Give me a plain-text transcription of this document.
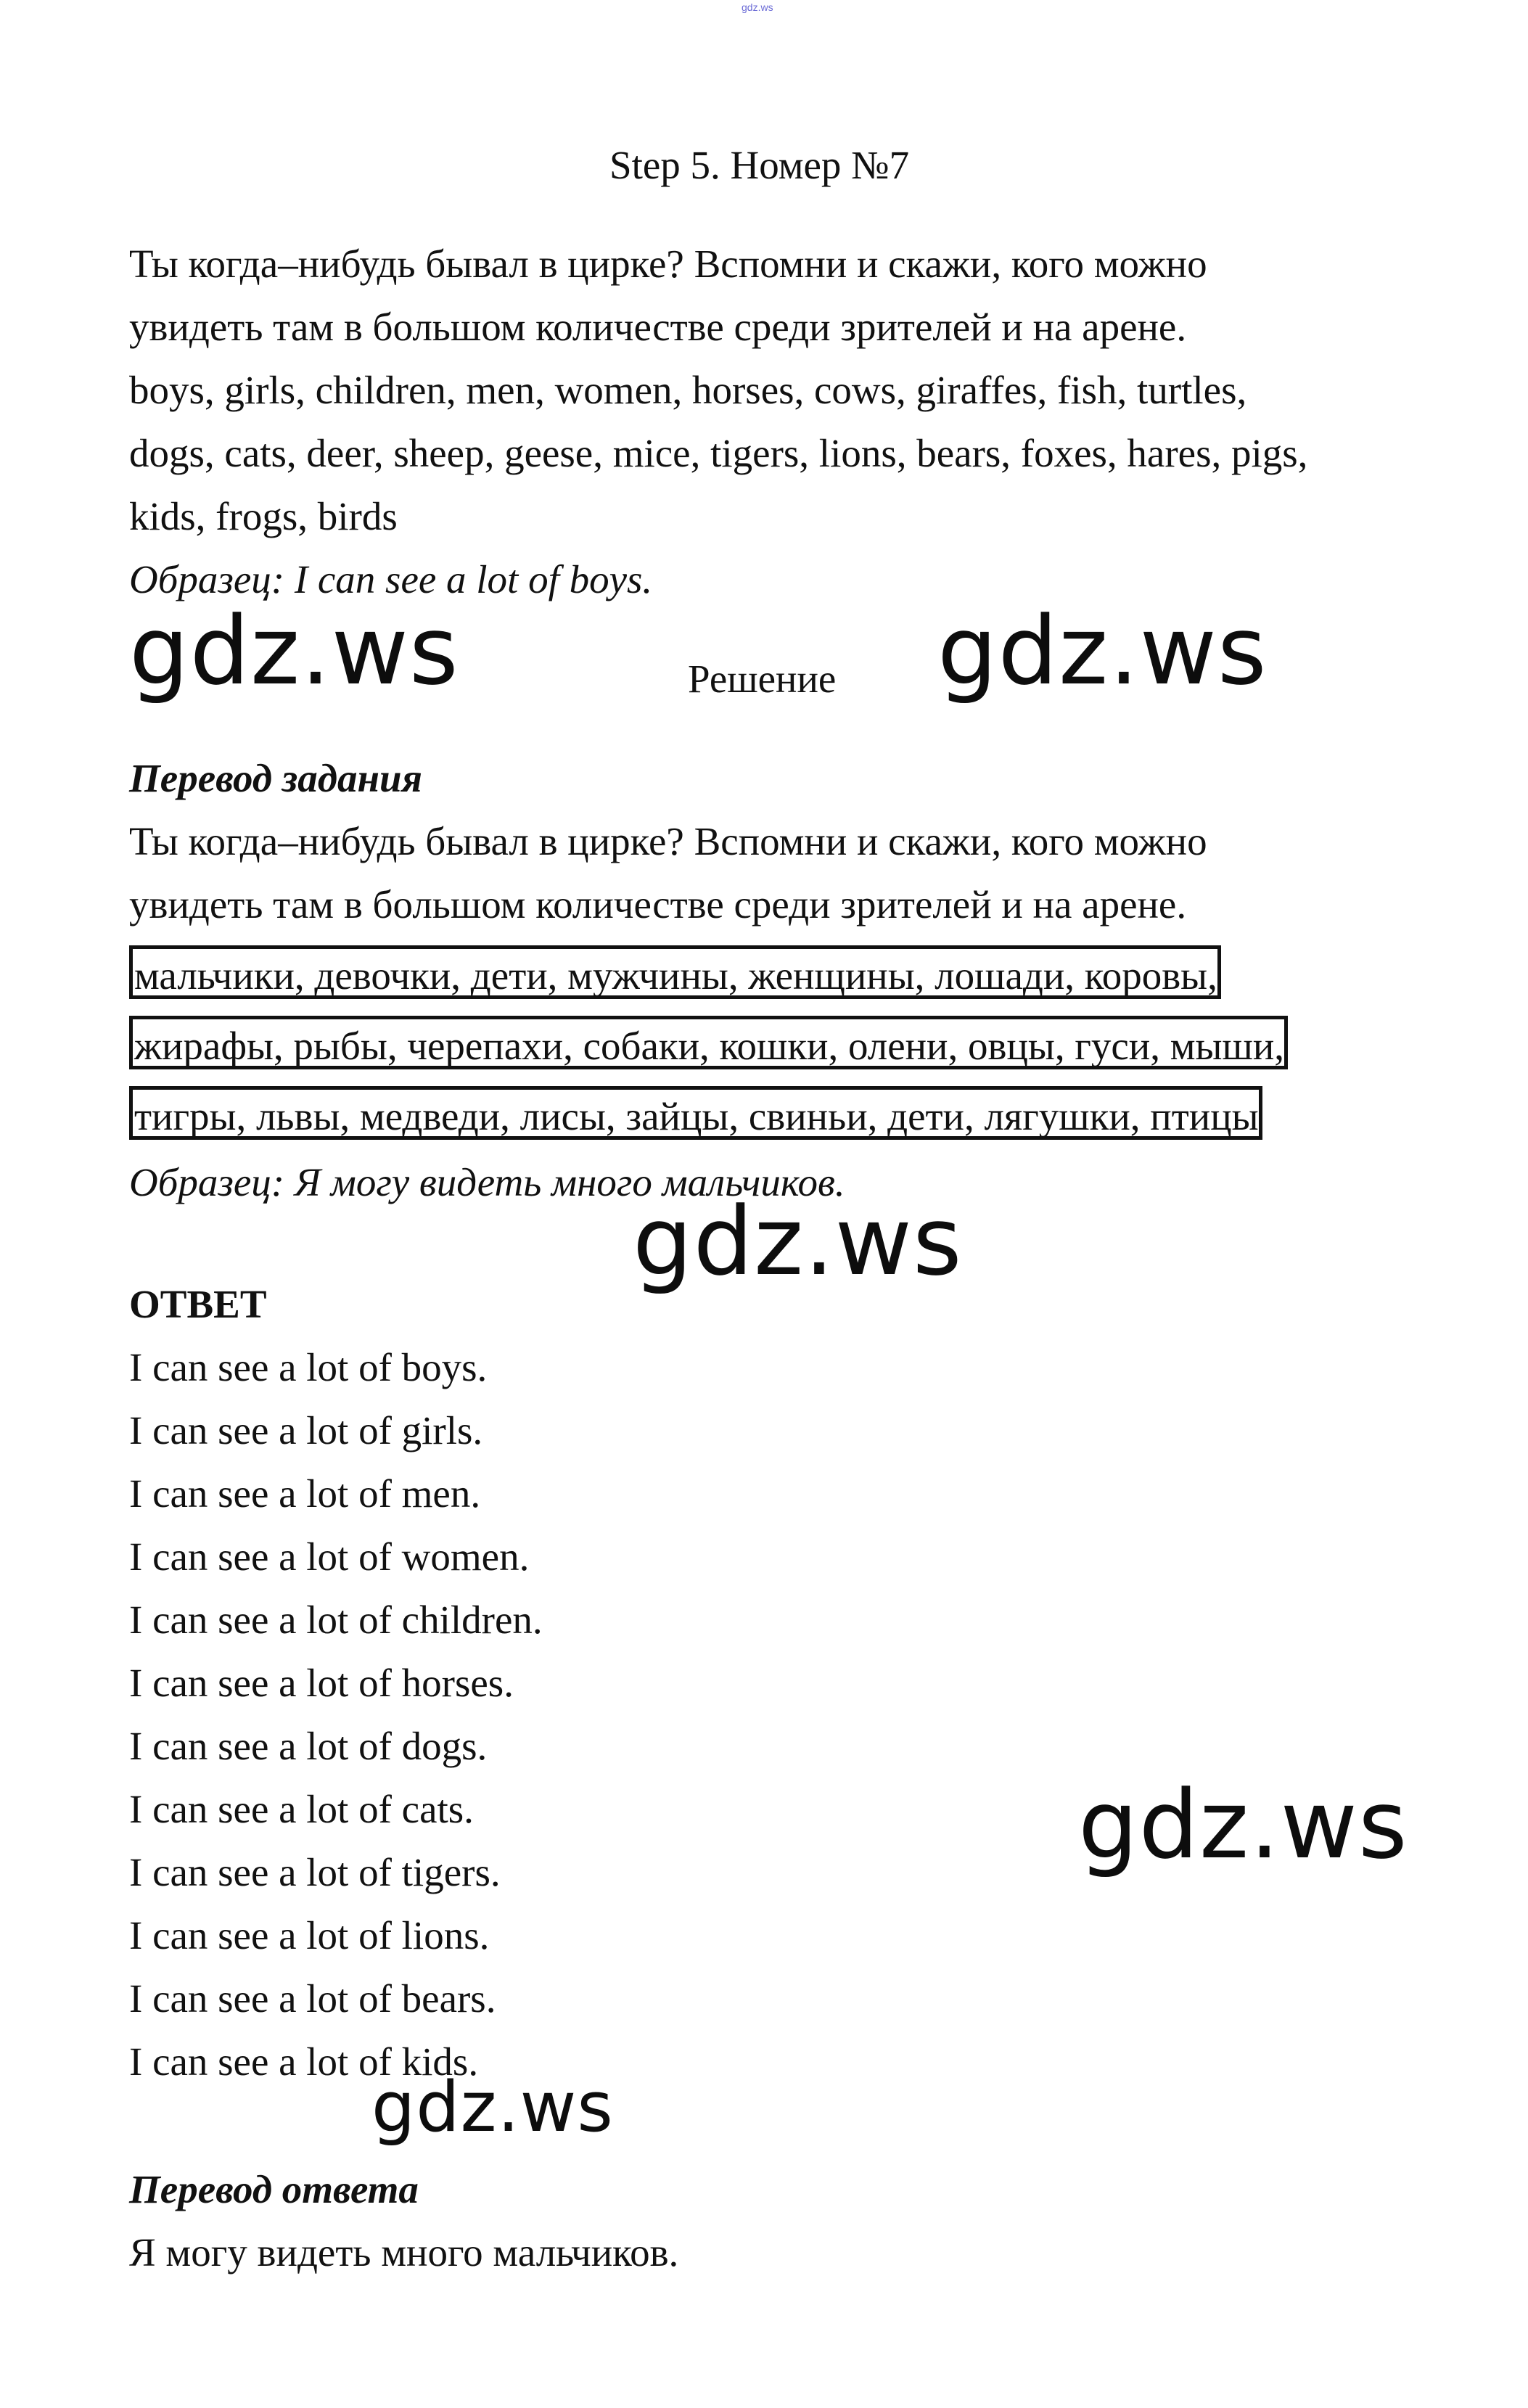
gdz.ws
Step 5. Номер №7
Ты когда–нибудь бывал в цирке? Вспомни и скажи, кого можно
увидеть там в большом количестве среди зрителей и на арене.
boys, girls, children, men, women, horses, cows, giraffes, fish, turtles,
dogs, cats, deer, sheep, geese, mice, tigers, lions, bears, foxes, hares, pigs,
kids, frogs, birds
Образец: I can see a lot of boys.
gdz.ws	Решение gdz.ws
Перевод задания
Ты когда–нибудь бывал в цирке? Вспомни и скажи, кого можно
увидеть там в большом количестве среди зрителей и на арене.
мальчики, девочки, дети, мужчины, женщины, лошади, коровы,
жирафы, рыбы, черепахи, собаки, кошки, олени, овцы, гуси, мыши,
тигры, львы, медведи, лисы, зайцы, свиньи, дети, лягушки, птицы
Образец: Я могу видеть много мальчиков.
gdz.ws
ОТВЕТ
I can see a lot of boys.
I can see a lot of girls.
I can see a lot of men.
I can see a lot of women.
I can see a lot of children.
I can see a lot of horses.
I can see a lot of dogs.
I can see a lot of cats.
I can see a lot of tigers.
I can see a lot of lions.
I can see a lot of bears.
I can see a lot of kids.
gdz.ws
gdz.ws
Перевод ответа
Я могу видеть много мальчиков.
